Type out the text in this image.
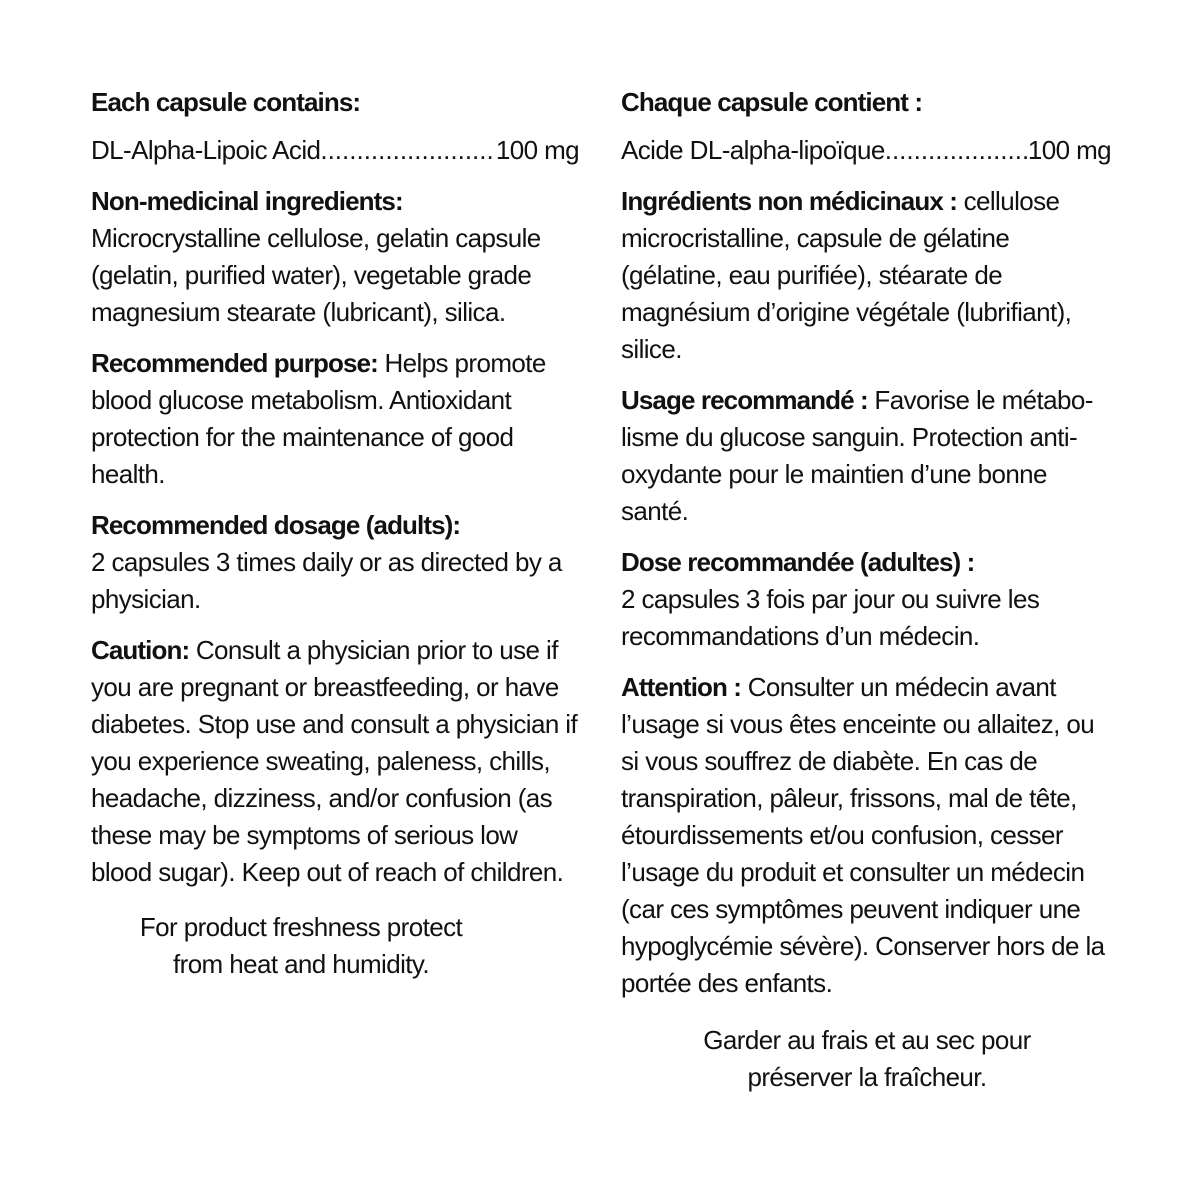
Each capsule contains:
DL-Alpha-Lipoic Acid .....	100 mg

Non-medicinal ingredients:

Microcrystalline cellulose, gelatin capsule (gelatin, purified water), vegetable grade magnesium stearate (lubricant), silica.

Recommended purpose: Helps promote blood glucose metabolism. Antioxidant protection for the maintenance of good health.

Recommended dosage (adults):

2 capsules 3 times daily or as directed by a physician.

Caution: Consult a physician prior to use if you are pregnant or breastfeeding, or have diabetes. Stop use and consult a physician if you experience sweating, paleness, chills, headache, dizziness, and/or confusion (as these may be symptoms of serious low blood sugar). Keep out of reach of children.

For product freshness protect

from heat and humidity.

Chaque capsule contient :
Acide DL-alpha-lipoïque .....	100 mg

Ingrédients non médicinaux : cellulose microcristalline, capsule de gélatine (gélatine, eau purifiée), stéarate de magnésium d’origine végétale (lubrifiant), silice.

Usage recommandé : Favorise le métabolisme du glucose sanguin. Protection antioxydante pour le maintien d’une bonne santé.

Dose recommandée (adultes) :

2 capsules 3 fois par jour ou suivre les recommandations d’un médecin.

Attention : Consulter un médecin avant l’usage si vous êtes enceinte ou allaitez, ou si vous souffrez de diabète. En cas de transpiration, pâleur, frissons, mal de tête, étourdissements et/ou confusion, cesser l’usage du produit et consulter un médecin (car ces symptômes peuvent indiquer une hypoglycémie sévère). Conserver hors de la portée des enfants.

Garder au frais et au sec pour

préserver la fraîcheur.
